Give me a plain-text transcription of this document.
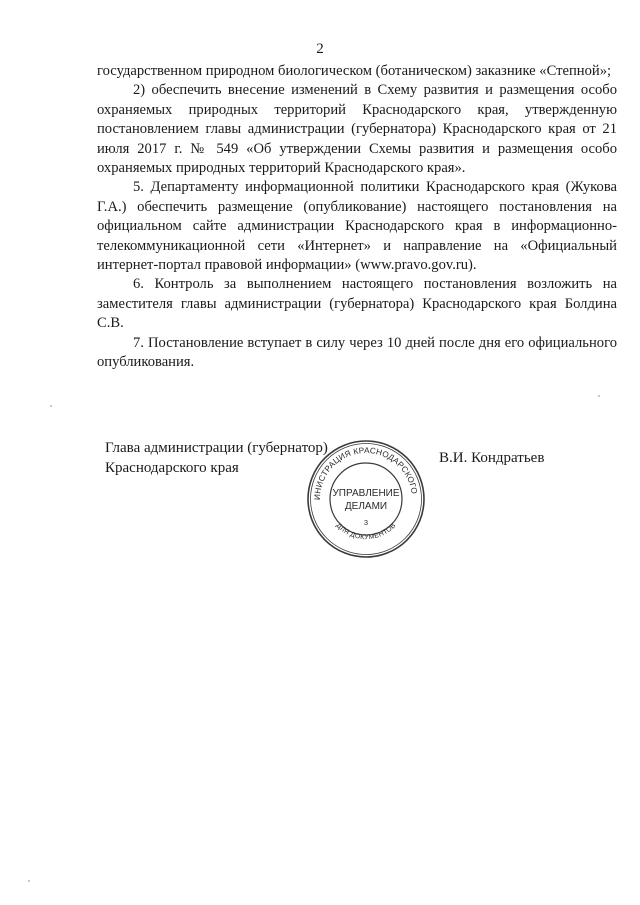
2

государственном природном биологическом (ботаническом) заказнике «Степной»;

2) обеспечить внесение изменений в Схему развития и размещения особо охраняемых природных территорий Краснодарского края, утвержденную постановлением главы администрации (губернатора) Краснодарского края от 21 июля 2017 г. № 549 «Об утверждении Схемы развития и размещения особо охраняемых природных территорий Краснодарского края».

5. Департаменту информационной политики Краснодарского края (Жукова Г.А.) обеспечить размещение (опубликование) настоящего постановления на официальном сайте администрации Краснодарского края в информационно-телекоммуникационной сети «Интернет» и направление на «Официальный интернет-портал правовой информации» (www.pravo.gov.ru).

6. Контроль за выполнением настоящего постановления возложить на заместителя главы администрации (губернатора) Краснодарского края Болдина С.В.

7. Постановление вступает в силу через 10 дней после дня его официального опубликования.

Глава администрации (губернатор)
Краснодарского края
В.И. Кондратьев
ИНИСТРАЦИЯ КРАСНОДАРСКОГО
ДЛЯ ДОКУМЕНТОВ
УПРАВЛЕНИЕ
ДЕЛАМИ
3
